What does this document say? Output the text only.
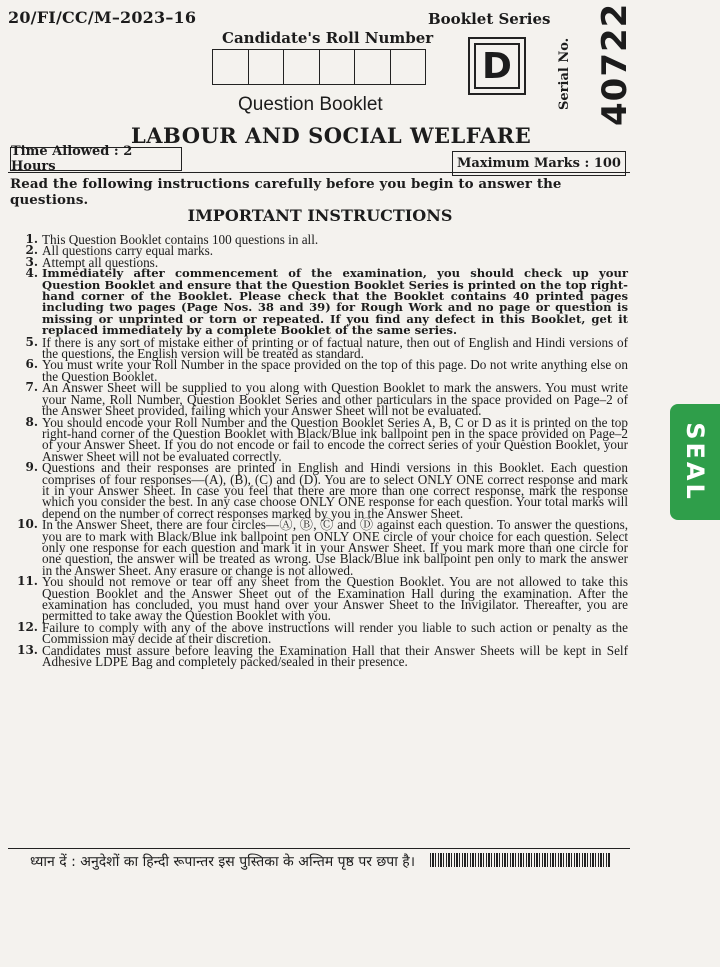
20/FI/CC/M–2023–16	Booklet Series
Candidate's Roll Number
D	Serial No. 40722
Question Booklet
LABOUR AND SOCIAL WELFARE
Time Allowed : 2 Hours	Maximum Marks : 100
Read the following instructions carefully before you begin to answer the questions.
IMPORTANT INSTRUCTIONS
1. This Question Booklet contains 100 questions in all.
2. All questions carry equal marks.
3. Attempt all questions.
4. Immediately after commencement of the examination, you should check up your Question Booklet and ensure that the Question Booklet Series is printed on the top right-hand corner of the Booklet. Please check that the Booklet contains 40 printed pages including two pages (Page Nos. 38 and 39) for Rough Work and no page or question is missing or unprinted or torn or repeated. If you find any defect in this Booklet, get it replaced immediately by a complete Booklet of the same series.
5. If there is any sort of mistake either of printing or of factual nature, then out of English and Hindi versions of the questions, the English version will be treated as standard.
6. You must write your Roll Number in the space provided on the top of this page. Do not write anything else on the Question Booklet.
7. An Answer Sheet will be supplied to you along with Question Booklet to mark the answers. You must write your Name, Roll Number, Question Booklet Series and other particulars in the space provided on Page–2 of the Answer Sheet provided, failing which your Answer Sheet will not be evaluated.
8. You should encode your Roll Number and the Question Booklet Series A, B, C or D as it is printed on the top right-hand corner of the Question Booklet with Black/Blue ink ballpoint pen in the space provided on Page–2 of your Answer Sheet. If you do not encode or fail to encode the correct series of your Question Booklet, your Answer Sheet will not be evaluated correctly.
9. Questions and their responses are printed in English and Hindi versions in this Booklet. Each question comprises of four responses—(A), (B), (C) and (D). You are to select ONLY ONE correct response and mark it in your Answer Sheet. In case you feel that there are more than one correct response, mark the response which you consider the best. In any case choose ONLY ONE response for each question. Your total marks will depend on the number of correct responses marked by you in the Answer Sheet.
10. In the Answer Sheet, there are four circles—Ⓐ, Ⓑ, Ⓒ and Ⓓ against each question. To answer the questions, you are to mark with Black/Blue ink ballpoint pen ONLY ONE circle of your choice for each question. Select only one response for each question and mark it in your Answer Sheet. If you mark more than one circle for one question, the answer will be treated as wrong. Use Black/Blue ink ballpoint pen only to mark the answer in the Answer Sheet. Any erasure or change is not allowed.
11. You should not remove or tear off any sheet from the Question Booklet. You are not allowed to take this Question Booklet and the Answer Sheet out of the Examination Hall during the examination. After the examination has concluded, you must hand over your Answer Sheet to the Invigilator. Thereafter, you are permitted to take away the Question Booklet with you.
12. Failure to comply with any of the above instructions will render you liable to such action or penalty as the Commission may decide at their discretion.
13. Candidates must assure before leaving the Examination Hall that their Answer Sheets will be kept in Self Adhesive LDPE Bag and completely packed/sealed in their presence.
ध्यान दें : अनुदेशों का हिन्दी रूपान्तर इस पुस्तिका के अन्तिम पृष्ठ पर छपा है।
SEAL
